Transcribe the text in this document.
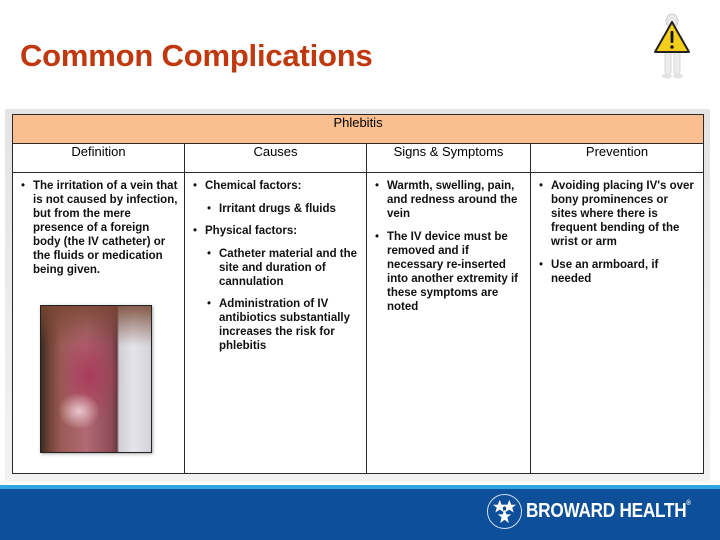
Common Complications
Phlebitis			
Definition	Causes	Signs & Symptoms	Prevention

• The irritation of a vein that is not caused by infection, but from the mere presence of a foreign body (the IV catheter) or the fluids or medication being given.

• Chemical factors:
• Irritant drugs & fluids
• Physical factors:
• Catheter material and the site and duration of cannulation
• Administration of IV antibiotics substantially increases the risk for phlebitis

• Warmth, swelling, pain, and redness around the vein
• The IV device must be removed and if necessary re-inserted into another extremity if these symptoms are noted

• Avoiding placing IV's over bony prominences or sites where there is frequent bending of the wrist or arm
• Use an armboard, if needed
BROWARD HEALTH®
